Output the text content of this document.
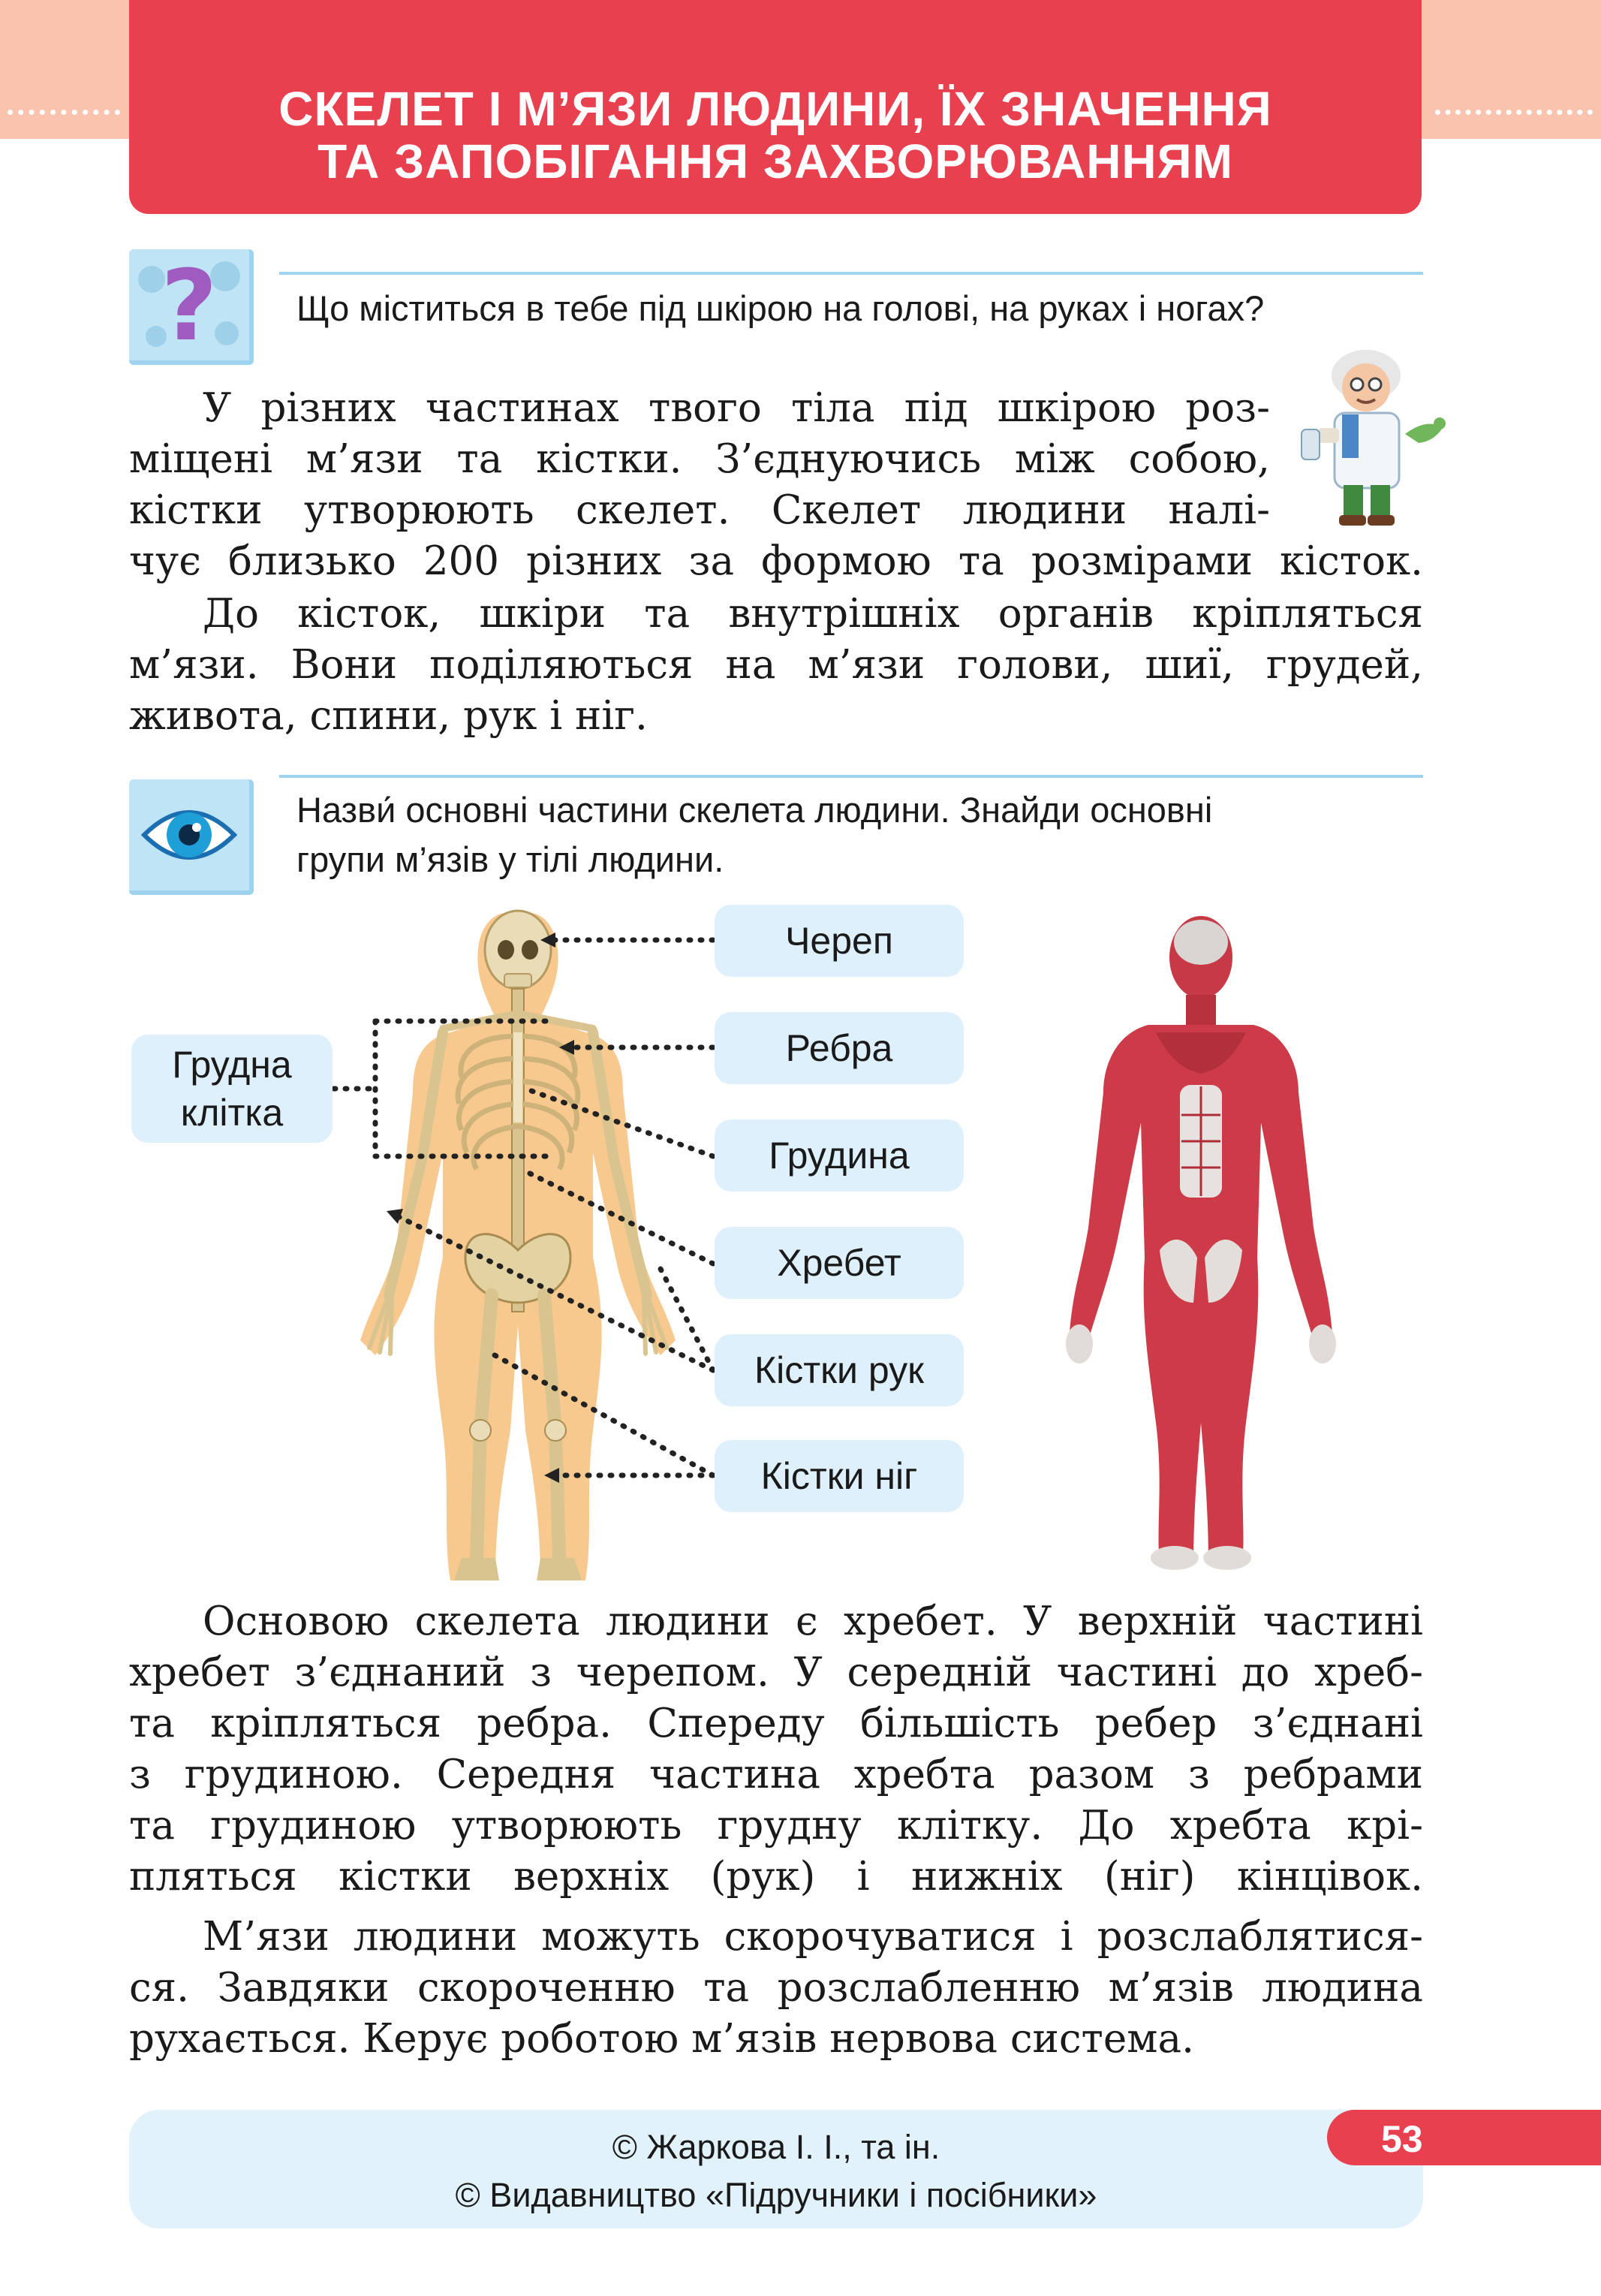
СКЕЛЕТ І М’ЯЗИ ЛЮДИНИ, ЇХ ЗНАЧЕННЯ
ТА ЗАПОБІГАННЯ ЗАХВОРЮВАННЯМ
? Що міститься в тебе під шкірою на голові, на руках і ногах?
У різних частинах твого тіла під шкірою роз-
міщені м’язи та кістки. З’єднуючись між собою,
кістки утворюють скелет. Скелет людини налі-
чує близько 200 різних за формою та розмірами кісток.
До кісток, шкіри та внутрішніх органів кріпляться
м’язи. Вони поділяються на м’язи голови, шиї, грудей,
живота, спини, рук і ніг.
Назви́ основні частини скелета людини. Знайди основні
групи м’язів у тілі людини.
Грудна
клітка
Череп
Ребра
Грудина
Хребет
Кістки рук
Кістки ніг
Основою скелета людини є хребет. У верхній частині
хребет з’єднаний з черепом. У середній частині до хреб-
та кріпляться ребра. Спереду більшість ребер з’єднані
з грудиною. Середня частина хребта разом з ребрами
та грудиною утворюють грудну клітку. До хребта крі-
пляться кістки верхніх (рук) і нижніх (ніг) кінцівок.
М’язи людини можуть скорочуватися і розслаблятися-
ся. Завдяки скороченню та розслабленню м’язів людина
рухається. Керує роботою м’язів нервова система.
© Жаркова І. І., та ін.
© Видавництво «Підручники і посібники»
53
